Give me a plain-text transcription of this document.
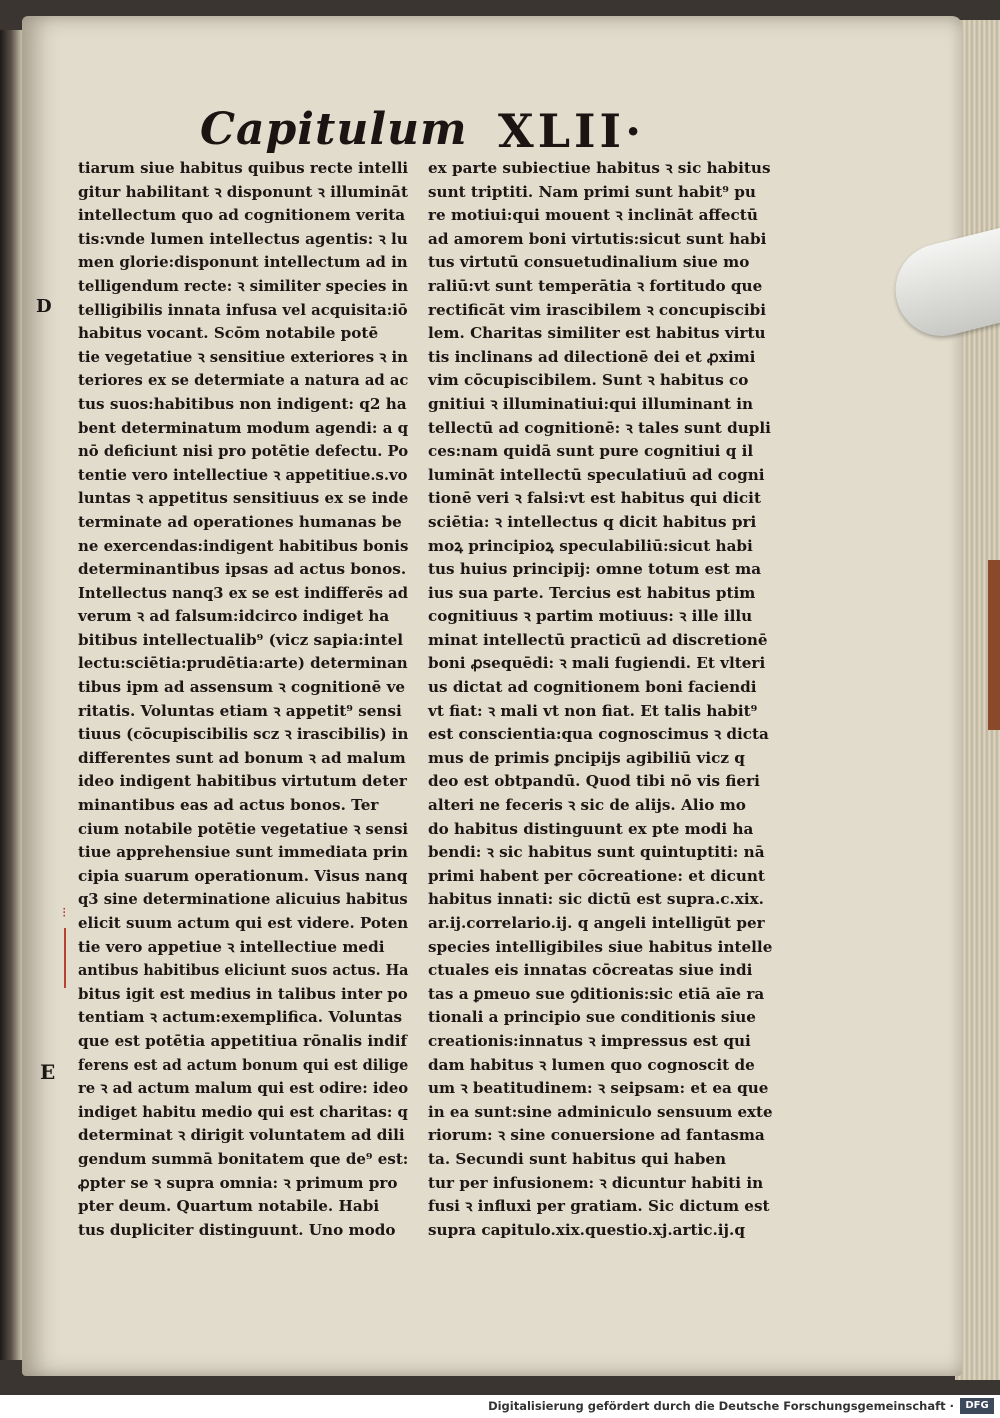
Capitulum XLII·
D
E
⁝
tiarum siue habitus quibus recte intelli
gitur habilitant ꝛ disponunt ꝛ illumināt
intellectum quo ad cognitionem verita
tis:vnde lumen intellectus agentis: ꝛ lu
men glorie:disponunt intellectum ad in
telligendum recte: ꝛ similiter species in
telligibilis innata infusa vel acquisita:iō
habitus vocant. Scōm notabile potē
tie vegetatiue ꝛ sensitiue exteriores ꝛ in
teriores ex se determiate a natura ad ac
tus suos:habitibus non indigent: q2 ha
bent determinatum modum agendi: a q
nō deficiunt nisi pro potētie defectu. Po
tentie vero intellectiue ꝛ appetitiue.s.vo
luntas ꝛ appetitus sensitiuus ex se inde
terminate ad operationes humanas be
ne exercendas:indigent habitibus bonis
determinantibus ipsas ad actus bonos.
Intellectus nanq3 ex se est indifferēs ad
verum ꝛ ad falsum:idcirco indiget ha
bitibus intellectualib⁹ (vicz sapia:intel
lectu:sciētia:prudētia:arte) determinan
tibus ipm ad assensum ꝛ cognitionē ve
ritatis. Voluntas etiam ꝛ appetit⁹ sensi
tiuus (cōcupiscibilis scz ꝛ irascibilis) in
differentes sunt ad bonum ꝛ ad malum
ideo indigent habitibus virtutum deter
minantibus eas ad actus bonos. Ter
cium notabile potētie vegetatiue ꝛ sensi
tiue apprehensiue sunt immediata prin
cipia suarum operationum. Visus nanq
q3 sine determinatione alicuius habitus
elicit suum actum qui est videre. Poten
tie vero appetiue ꝛ intellectiue medi
antibus habitibus eliciunt suos actus. Ha
bitus igit est medius in talibus inter po
tentiam ꝛ actum:exemplifica. Voluntas
que est potētia appetitiua rōnalis indif
ferens est ad actum bonum qui est dilige
re ꝛ ad actum malum qui est odire: ideo
indiget habitu medio qui est charitas: q
determinat ꝛ dirigit voluntatem ad dili
gendum summā bonitatem que de⁹ est:
ꝓpter se ꝛ supra omnia: ꝛ primum pro
pter deum. Quartum notabile. Habi
tus dupliciter distinguunt. Uno modo
ex parte subiectiue habitus ꝛ sic habitus
sunt triptiti. Nam primi sunt habit⁹ pu
re motiui:qui mouent ꝛ inclināt affectū
ad amorem boni virtutis:sicut sunt habi
tus virtutū consuetudinalium siue mo
raliū:vt sunt temperātia ꝛ fortitudo que
rectificāt vim irascibilem ꝛ concupiscibi
lem. Charitas similiter est habitus virtu
tis inclinans ad dilectionē dei et ꝓximi
vim cōcupiscibilem. Sunt ꝛ habitus co
gnitiui ꝛ illuminatiui:qui illuminant in
tellectū ad cognitionē: ꝛ tales sunt dupli
ces:nam quidā sunt pure cognitiui q il
lumināt intellectū speculatiuū ad cogni
tionē veri ꝛ falsi:vt est habitus qui dicit
sciētia: ꝛ intellectus q dicit habitus pri
moꝝ principioꝝ speculabiliū:sicut habi
tus huius principij: omne totum est ma
ius sua parte. Tercius est habitus ptim
cognitiuus ꝛ partim motiuus: ꝛ ille illu
minat intellectū practicū ad discretionē
boni ꝓsequēdi: ꝛ mali fugiendi. Et vlteri
us dictat ad cognitionem boni faciendi
vt fiat: ꝛ mali vt non fiat. Et talis habit⁹
est conscientia:qua cognoscimus ꝛ dicta
mus de primis ꝑncipijs agibiliū vicz q
deo est obtpandū. Quod tibi nō vis fieri
alteri ne feceris ꝛ sic de alijs. Alio mo
do habitus distinguunt ex pte modi ha
bendi: ꝛ sic habitus sunt quintuptiti: nā
primi habent per cōcreatione: et dicunt
habitus innati: sic dictū est supra.c.xix.
ar.ij.correlario.ij. q angeli intelligūt per
species intelligibiles siue habitus intelle
ctuales eis innatas cōcreatas siue indi
tas a ꝑmeuo sue ꝯditionis:sic etiā aīe ra
tionali a principio sue conditionis siue
creationis:innatus ꝛ impressus est qui
dam habitus ꝛ lumen quo cognoscit de
um ꝛ beatitudinem: ꝛ seipsam: et ea que
in ea sunt:sine adminiculo sensuum exte
riorum: ꝛ sine conuersione ad fantasma
ta. Secundi sunt habitus qui haben
tur per infusionem: ꝛ dicuntur habiti in
fusi ꝛ influxi per gratiam. Sic dictum est
supra capitulo.xix.questio.xj.artic.ij.q
Digitalisierung gefördert durch die Deutsche Forschungsgemeinschaft ·	DFG
